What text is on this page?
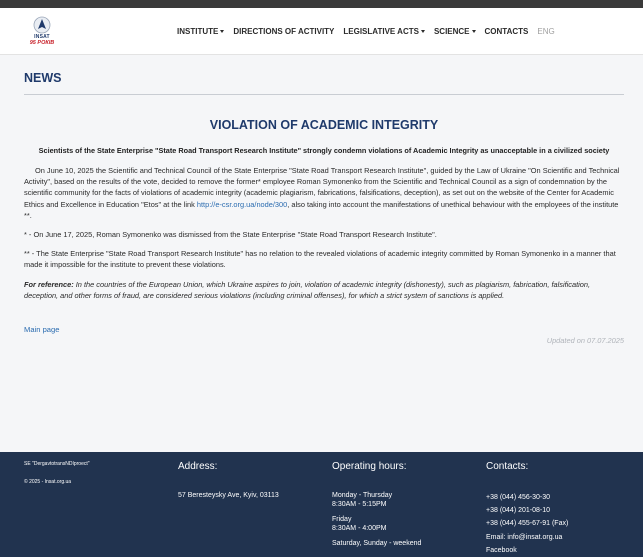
INSAT
95 РОКІВ
INSTITUTE DIRECTIONS OF ACTIVITY LEGISLATIVE ACTS SCIENCE CONTACTS ENG
NEWS
VIOLATION OF ACADEMIC INTEGRITY

Scientists of the State Enterprise "State Road Transport Research Institute" strongly condemn violations of Academic Integrity as unacceptable in a civilized society

On June 10, 2025 the Scientific and Technical Council of the State Enterprise "State Road Transport Research Institute", guided by the Law of Ukraine "On Scientific and Technical Activity", based on the results of the vote, decided to remove the former* employee Roman Symonenko from the Scientific and Technical Council as a sign of condemnation by the scientific community for the facts of violations of academic integrity (academic plagiarism, fabrications, falsifications, deception), as set out on the website of the Center for Academic Ethics and Excellence in Education "Etos" at the link http://e-csr.org.ua/node/300, also taking into account the manifestations of unethical behaviour with the employees of the institute **.

* - On June 17, 2025, Roman Symonenko was dismissed from the State Enterprise "State Road Transport Research Institute".

** - The State Enterprise "State Road Transport Research Institute" has no relation to the revealed violations of academic integrity committed by Roman Symonenko in a manner that made it impossible for the institute to prevent these violations.

For reference: In the countries of the European Union, which Ukraine aspires to join, violation of academic integrity (dishonesty), such as plagiarism, fabrication, falsification, deception, and other forms of fraud, are considered serious violations (including criminal offenses), for which a strict system of sanctions is applied.

Main page
Updated on 07.07.2025
SE "DergavtotransNDIproect"
© 2025 - Insat.org.ua
Address:
57 Berestеysky Ave, Kyiv, 03113
Operating hours:
Monday - Thursday
8:30AM - 5:15PM
Friday
8:30AM - 4:00PM
Saturday, Sunday - weekend
Contacts:
+38 (044) 456-30-30
+38 (044) 201-08-10
+38 (044) 455-67-91 (Fax)
Email: info@insat.org.ua
Facebook
